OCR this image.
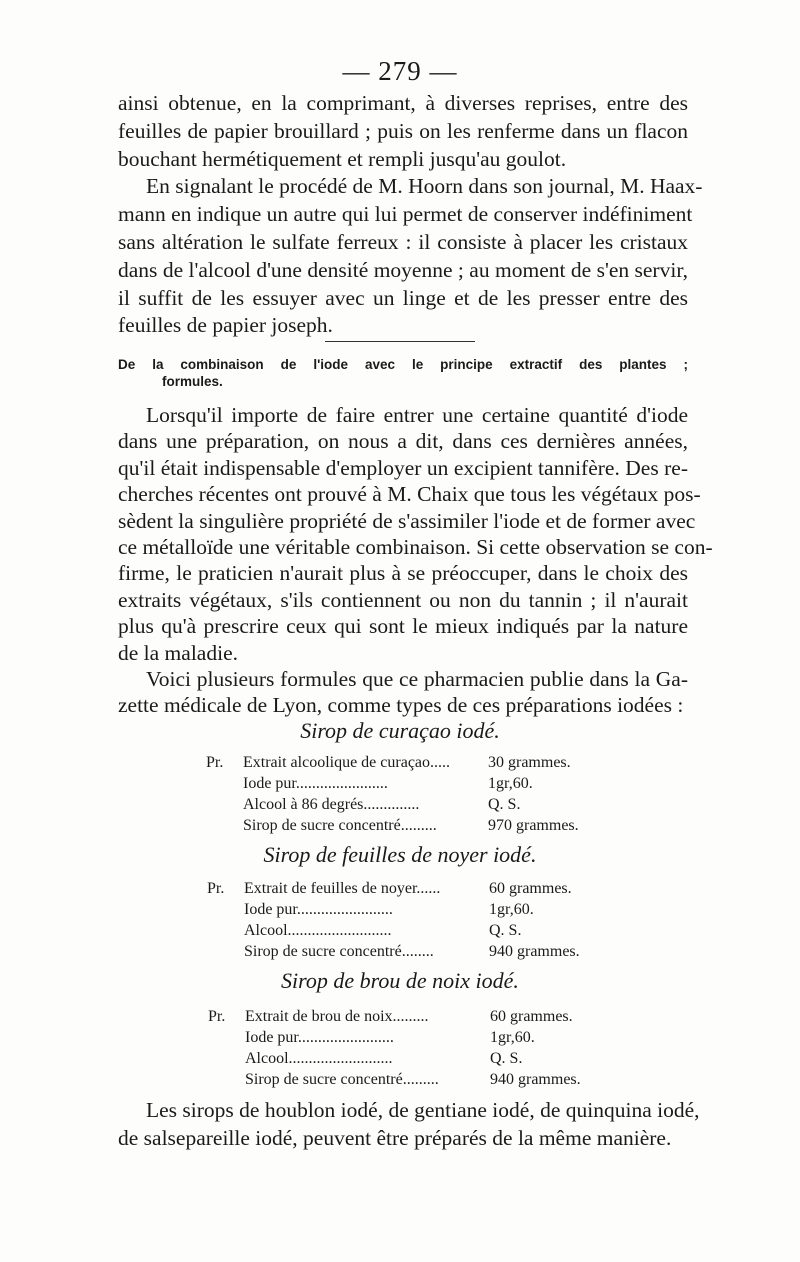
— 279 —
ainsi obtenue, en la comprimant, à diverses reprises, entre des
feuilles de papier brouillard ; puis on les renferme dans un flacon
bouchant hermétiquement et rempli jusqu'au goulot.
En signalant le procédé de M. Hoorn dans son journal, M. Haax-
mann en indique un autre qui lui permet de conserver indéfiniment
sans altération le sulfate ferreux : il consiste à placer les cristaux
dans de l'alcool d'une densité moyenne ; au moment de s'en servir,
il suffit de les essuyer avec un linge et de les presser entre des
feuilles de papier joseph.
De la combinaison de l'iode avec le principe extractif des plantes ;
formules.
Lorsqu'il importe de faire entrer une certaine quantité d'iode
dans une préparation, on nous a dit, dans ces dernières années,
qu'il était indispensable d'employer un excipient tannifère. Des re-
cherches récentes ont prouvé à M. Chaix que tous les végétaux pos-
sèdent la singulière propriété de s'assimiler l'iode et de former avec
ce métalloïde une véritable combinaison. Si cette observation se con-
firme, le praticien n'aurait plus à se préoccuper, dans le choix des
extraits végétaux, s'ils contiennent ou non du tannin ; il n'aurait
plus qu'à prescrire ceux qui sont le mieux indiqués par la nature
de la maladie.
Voici plusieurs formules que ce pharmacien publie dans la Ga-
zette médicale de Lyon, comme types de ces préparations iodées :
Sirop de curaçao iodé.
Pr.	Extrait alcoolique de curaçao.....	30 grammes.
Iode pur.......................	1gr,60.
Alcool à 86 degrés..............	Q. S.
Sirop de sucre concentré.........	970 grammes.
Sirop de feuilles de noyer iodé.
Pr.	Extrait de feuilles de noyer......	60 grammes.
Iode pur........................	1gr,60.
Alcool..........................	Q. S.
Sirop de sucre concentré........	940 grammes.
Sirop de brou de noix iodé.
Pr.	Extrait de brou de noix.........	60 grammes.
Iode pur........................	1gr,60.
Alcool..........................	Q. S.
Sirop de sucre concentré.........	940 grammes.
Les sirops de houblon iodé, de gentiane iodé, de quinquina iodé,
de salsepareille iodé, peuvent être préparés de la même manière.
